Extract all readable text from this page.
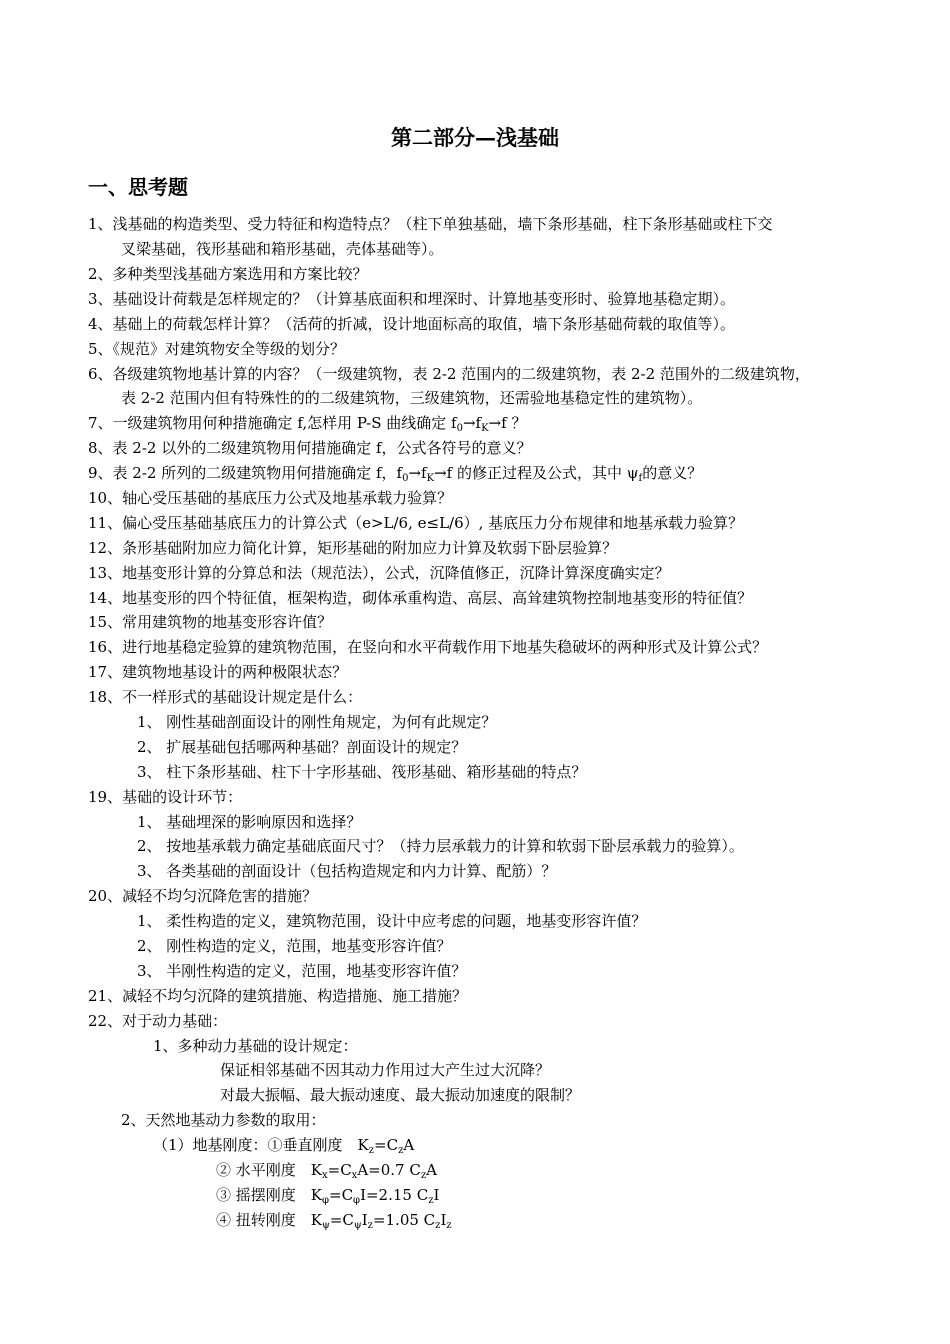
第二部分—浅基础
一、思考题
1、浅基础的构造类型、受力特征和构造特点？（柱下单独基础，墙下条形基础，柱下条形基础或柱下交
叉梁基础，筏形基础和箱形基础，壳体基础等）。
2、多种类型浅基础方案选用和方案比较？
3、基础设计荷载是怎样规定的？（计算基底面积和埋深时、计算地基变形时、验算地基稳定期）。
4、基础上的荷载怎样计算？（活荷的折减，设计地面标高的取值，墙下条形基础荷载的取值等）。
5、《规范》对建筑物安全等级的划分？
6、各级建筑物地基计算的内容？（一级建筑物，表 2-2 范围内的二级建筑物，表 2-2 范围外的二级建筑物，
表 2-2 范围内但有特殊性的的二级建筑物，三级建筑物，还需验地基稳定性的建筑物）。
7、一级建筑物用何种措施确定 f,怎样用 P-S 曲线确定 $f_0\to f_K\to f$ ？
8、表 2-2 以外的二级建筑物用何措施确定 f，公式各符号的意义？
9、表 2-2 所列的二级建筑物用何措施确定 f，$f_0\to f_K\to f$ 的修正过程及公式，其中 $\psi_f$的意义？
10、轴心受压基础的基底压力公式及地基承载力验算？
11、偏心受压基础基底压力的计算公式（e>L/6, e≤L/6）, 基底压力分布规律和地基承载力验算？
12、条形基础附加应力简化计算，矩形基础的附加应力计算及软弱下卧层验算？
13、地基变形计算的分算总和法（规范法），公式，沉降值修正，沉降计算深度确实定？
14、地基变形的四个特征值，框架构造，砌体承重构造、高层、高耸建筑物控制地基变形的特征值？
15、常用建筑物的地基变形容许值？
16、进行地基稳定验算的建筑物范围，在竖向和水平荷载作用下地基失稳破坏的两种形式及计算公式？
17、建筑物地基设计的两种极限状态？
18、不一样形式的基础设计规定是什么：
1、 刚性基础剖面设计的刚性角规定，为何有此规定？
2、 扩展基础包括哪两种基础？剖面设计的规定？
3、 柱下条形基础、柱下十字形基础、筏形基础、箱形基础的特点？
19、基础的设计环节：
1、 基础埋深的影响原因和选择？
2、 按地基承载力确定基础底面尺寸？（持力层承载力的计算和软弱下卧层承载力的验算）。
3、 各类基础的剖面设计（包括构造规定和内力计算、配筋）？
20、减轻不均匀沉降危害的措施？
1、 柔性构造的定义，建筑物范围，设计中应考虑的问题，地基变形容许值？
2、 刚性构造的定义，范围，地基变形容许值？
3、 半刚性构造的定义，范围，地基变形容许值？
21、减轻不均匀沉降的建筑措施、构造措施、施工措施？
22、对于动力基础：
1、多种动力基础的设计规定：
保证相邻基础不因其动力作用过大产生过大沉降？
对最大振幅、最大振动速度、最大振动加速度的限制？
2、天然地基动力参数的取用：
（1）地基刚度：①垂直刚度　$K_z=C_zA$
② 水平刚度　$K_x=C_xA=0.7$ $C_zA$
③ 摇摆刚度　$K_\varphi=C_\varphi I=2.15$ $C_zI$
④ 扭转刚度　$K_\psi=C_\psi I_z=1.05$ $C_zI_z$
